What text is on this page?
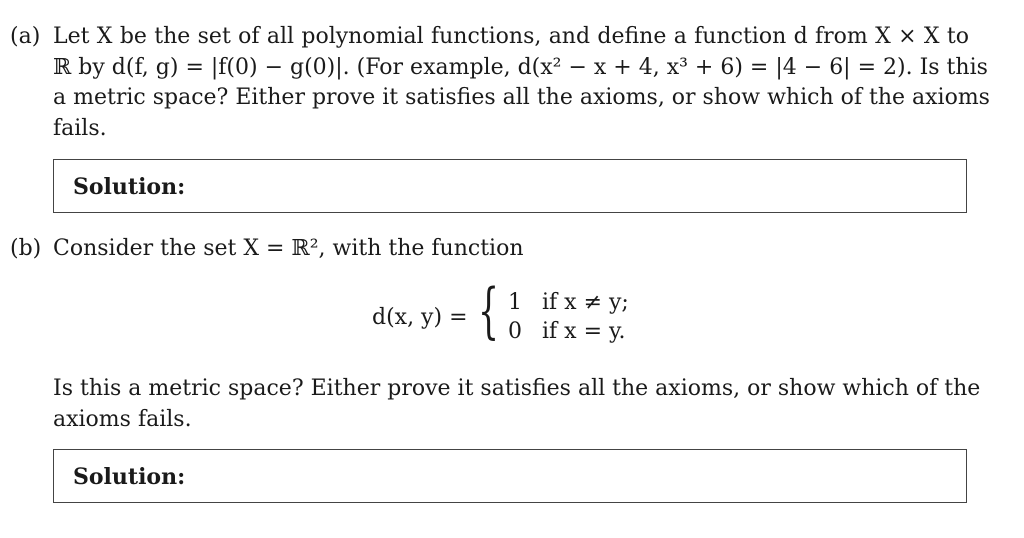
(a) Let X be the set of all polynomial functions, and define a function d from X × X to
ℝ by d(f, g) = |f(0) − g(0)|. (For example, d(x² − x + 4, x³ + 6) = |4 − 6| = 2). Is this
a metric space? Either prove it satisfies all the axioms, or show which of the axioms
fails.
Solution:
(b) Consider the set X = ℝ², with the function
d(x, y) = { 1 if x ≠ y;
0 if x = y.
Is this a metric space? Either prove it satisfies all the axioms, or show which of the
axioms fails.
Solution:
